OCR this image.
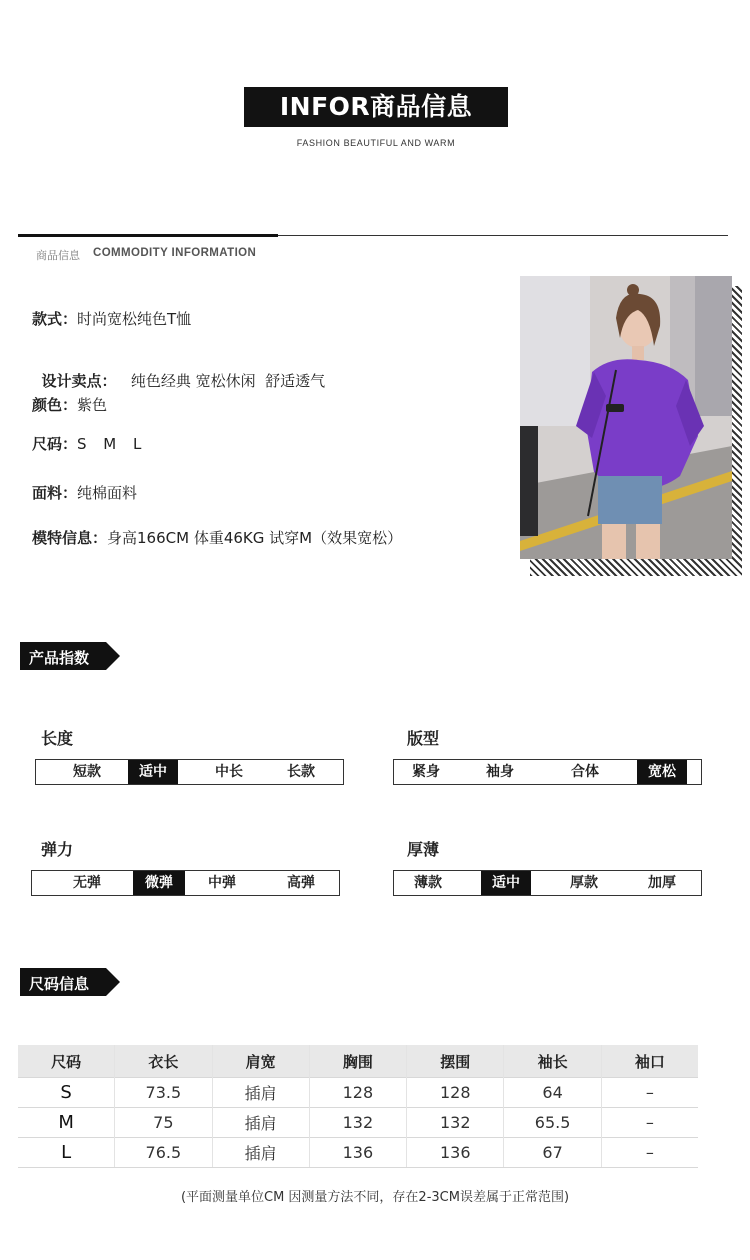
INFOR商品信息
FASHION BEAUTIFUL AND WARM
商品信息 COMMODITY INFORMATION
款式：时尚宽松纯色T恤

设计卖点：   纯色经典 宽松休闲  舒适透气

颜色：紫色
尺码：S M L
面料：纯棉面料
模特信息：身高166CM 体重46KG 试穿M（效果宽松）
产品指数
长度
短款	适中	中长	长款
版型
紧身	袖身	合体	宽松
弹力
无弹	微弹	中弹	高弹
厚薄
薄款	适中	厚款	加厚
尺码信息
尺码	衣长	肩宽	胸围	摆围	袖长	袖口
S	73.5	插肩	128	128	64	–
M	75	插肩	132	132	65.5	–
L	76.5	插肩	136	136	67	–
(平面测量单位CM 因测量方法不同，存在2-3CM误差属于正常范围)
